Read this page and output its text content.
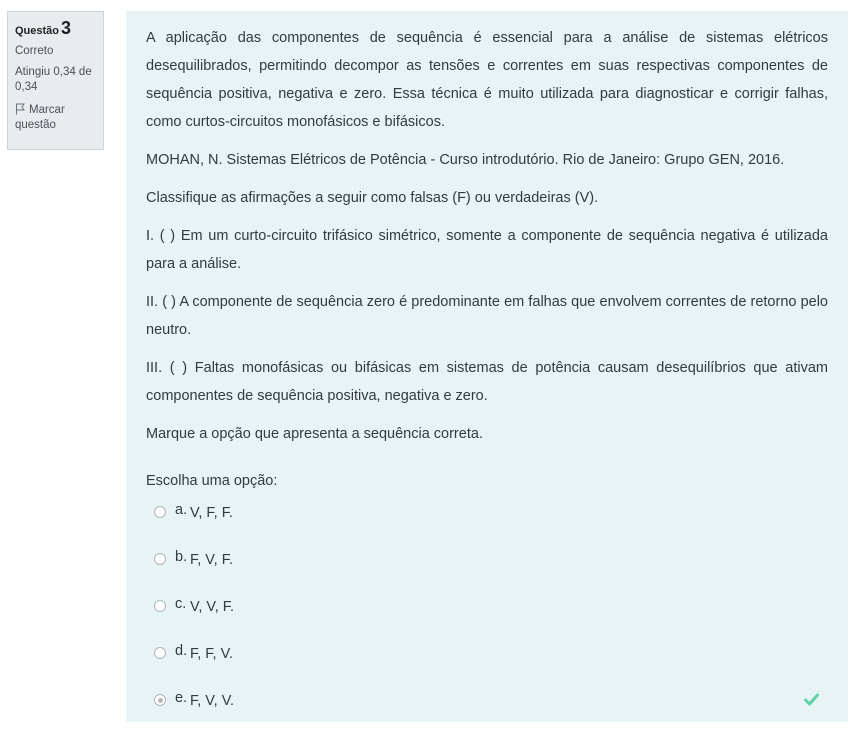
Questão 3
Correto
Atingiu 0,34 de 0,34
Marcar questão

A aplicação das componentes de sequência é essencial para a análise de sistemas elétricos desequilibrados, permitindo decompor as tensões e correntes em suas respectivas componentes de sequência positiva, negativa e zero. Essa técnica é muito utilizada para diagnosticar e corrigir falhas, como curtos-circuitos monofásicos e bifásicos.

MOHAN, N. Sistemas Elétricos de Potência - Curso introdutório. Rio de Janeiro: Grupo GEN, 2016.

Classifique as afirmações a seguir como falsas (F) ou verdadeiras (V).

I. ( ) Em um curto-circuito trifásico simétrico, somente a componente de sequência negativa é utilizada para a análise.

II. ( ) A componente de sequência zero é predominante em falhas que envolvem correntes de retorno pelo neutro.

III. ( ) Faltas monofásicas ou bifásicas em sistemas de potência causam desequilíbrios que ativam componentes de sequência positiva, negativa e zero.

Marque a opção que apresenta a sequência correta.

Escolha uma opção:
a. V, F, F.
b. F, V, F.
c. V, V, F.
d. F, F, V.
e. F, V, V.
